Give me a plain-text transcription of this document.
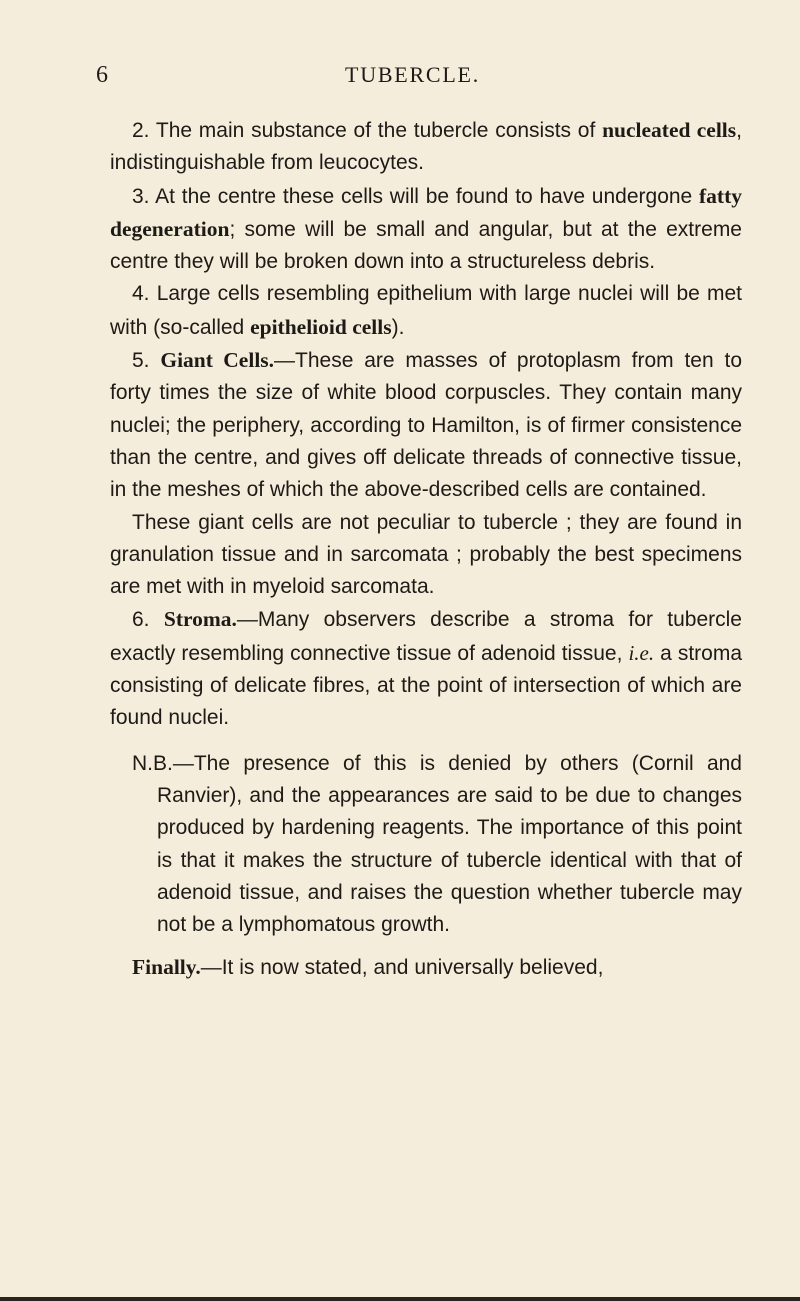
6	TUBERCLE.

2. The main substance of the tubercle consists of nucleated cells, indistinguishable from leucocytes.

3. At the centre these cells will be found to have undergone fatty degeneration; some will be small and angular, but at the extreme centre they will be broken down into a structureless debris.

4. Large cells resembling epithelium with large nuclei will be met with (so-called epithelioid cells).

5. Giant Cells.—These are masses of protoplasm from ten to forty times the size of white blood corpuscles. They contain many nuclei; the periphery, according to Hamilton, is of firmer consistence than the centre, and gives off delicate threads of connective tissue, in the meshes of which the above-described cells are contained.

These giant cells are not peculiar to tubercle ; they are found in granulation tissue and in sarcomata ; probably the best specimens are met with in myeloid sarcomata.

6. Stroma.—Many observers describe a stroma for tubercle exactly resembling connective tissue of adenoid tissue, i.e. a stroma consisting of delicate fibres, at the point of intersection of which are found nuclei.

N.B.—The presence of this is denied by others (Cornil and Ranvier), and the appearances are said to be due to changes produced by hardening reagents. The importance of this point is that it makes the structure of tubercle identical with that of adenoid tissue, and raises the question whether tubercle may not be a lymphomatous growth.

Finally.—It is now stated, and universally believed,
